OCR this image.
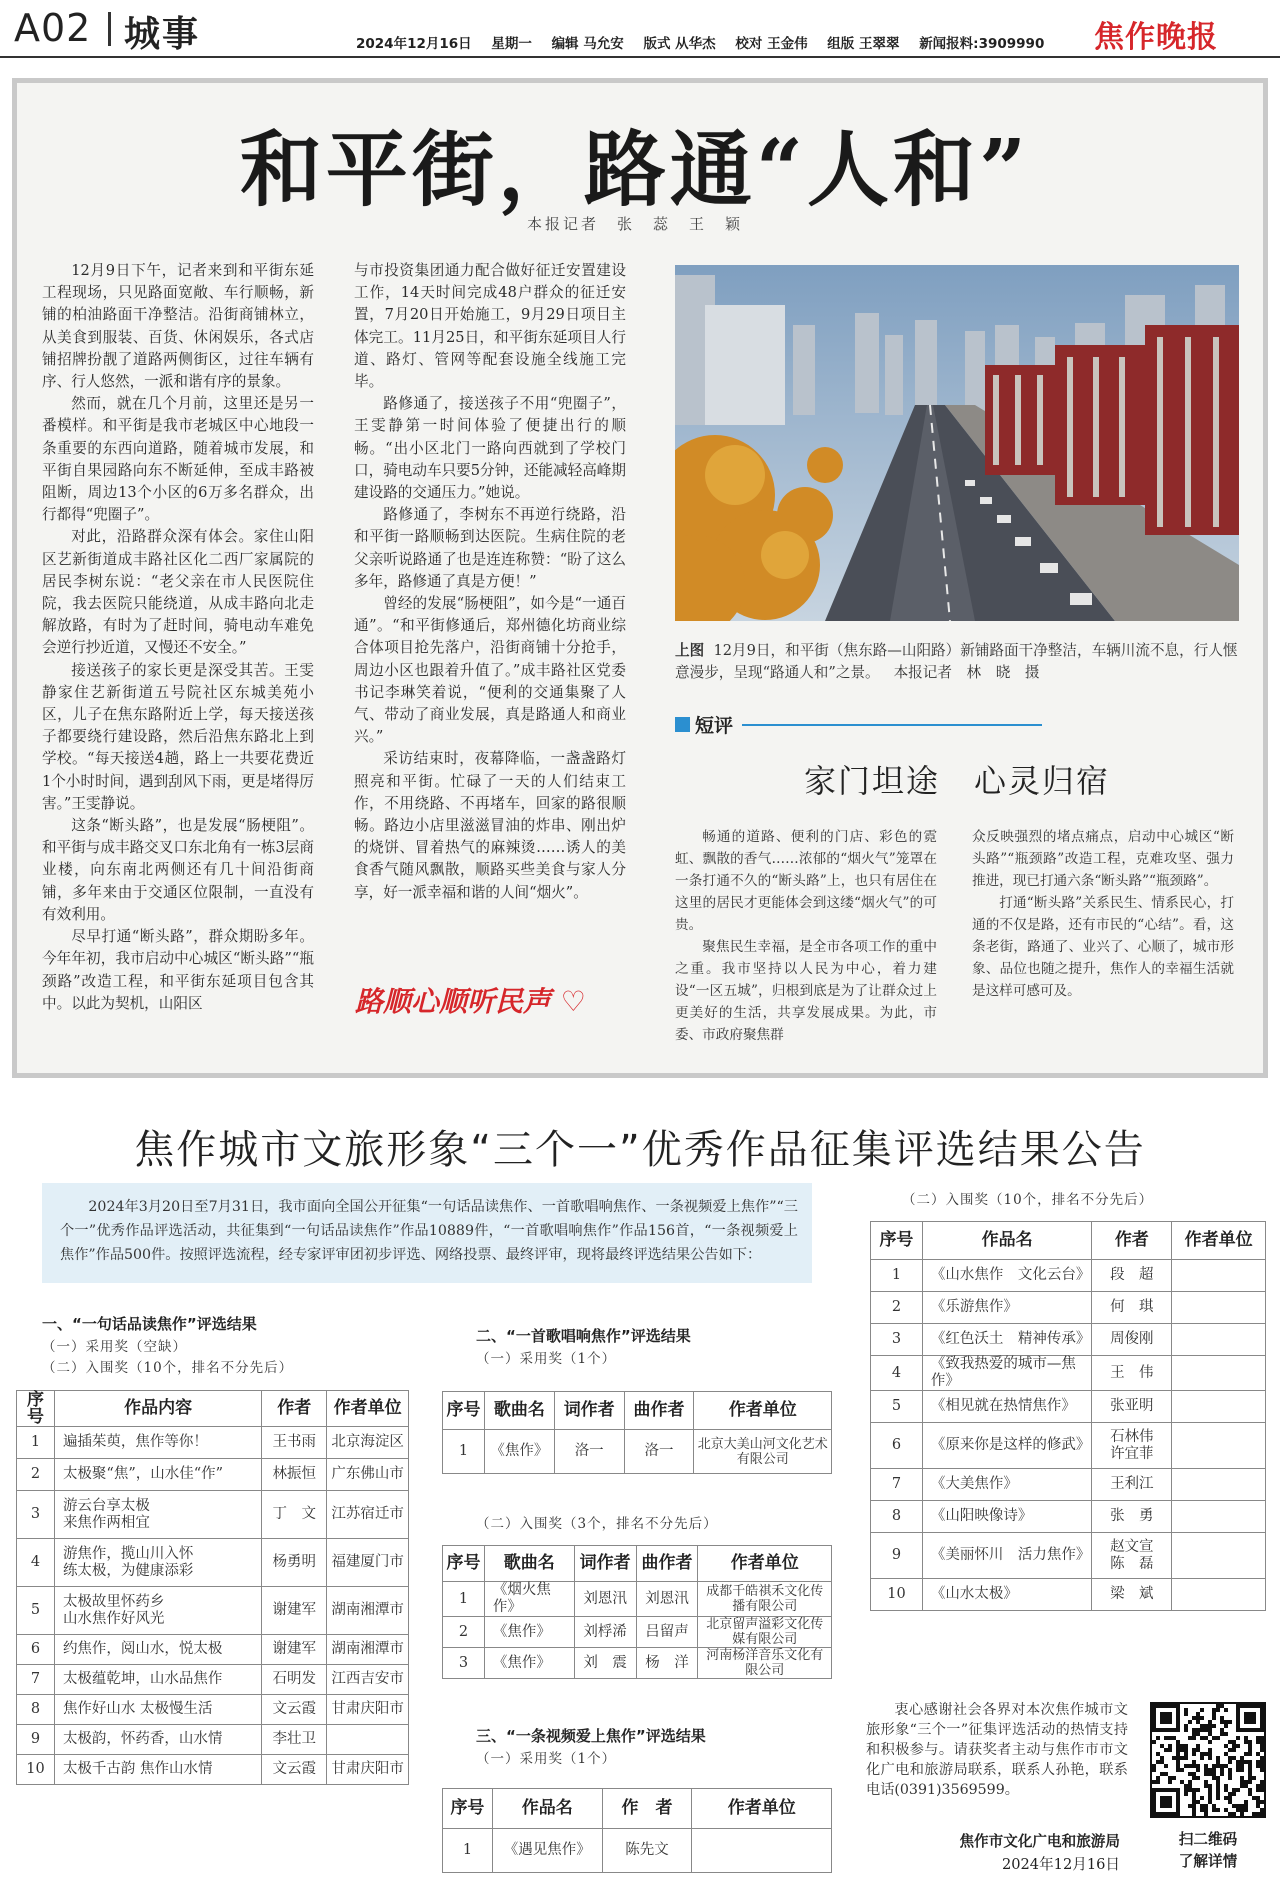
A02 城事	2024年12月16日 星期一 编辑 马允安 版式 从华杰 校对 王金伟 组版 王翠翠 新闻报料:3909990	焦作晚报
和平街，路通“人和”
本报记者　张　蕊　王　颖

12月9日下午，记者来到和平街东延工程现场，只见路面宽敞、车行顺畅，新铺的柏油路面干净整洁。沿街商铺林立，从美食到服装、百货、休闲娱乐，各式店铺招牌扮靓了道路两侧街区，过往车辆有序、行人悠然，一派和谐有序的景象。

然而，就在几个月前，这里还是另一番模样。和平街是我市老城区中心地段一条重要的东西向道路，随着城市发展，和平街自果园路向东不断延伸，至成丰路被阻断，周边13个小区的6万多名群众，出行都得“兜圈子”。

对此，沿路群众深有体会。家住山阳区艺新街道成丰路社区化二西厂家属院的居民李树东说：“老父亲在市人民医院住院，我去医院只能绕道，从成丰路向北走解放路，有时为了赶时间，骑电动车难免会逆行抄近道，又慢还不安全。”

接送孩子的家长更是深受其苦。王雯静家住艺新街道五号院社区东城美苑小区，儿子在焦东路附近上学，每天接送孩子都要绕行建设路，然后沿焦东路北上到学校。“每天接送4趟，路上一共要花费近1个小时时间，遇到刮风下雨，更是堵得厉害。”王雯静说。

这条“断头路”，也是发展“肠梗阻”。和平街与成丰路交叉口东北角有一栋3层商业楼，向东南北两侧还有几十间沿街商铺，多年来由于交通区位限制，一直没有有效利用。

尽早打通“断头路”，群众期盼多年。今年年初，我市启动中心城区“断头路”“瓶颈路”改造工程，和平街东延项目包含其中。以此为契机，山阳区

与市投资集团通力配合做好征迁安置建设工作，14天时间完成48户群众的征迁安置，7月20日开始施工，9月29日项目主体完工。11月25日，和平街东延项目人行道、路灯、管网等配套设施全线施工完毕。

路修通了，接送孩子不用“兜圈子”，王雯静第一时间体验了便捷出行的顺畅。“出小区北门一路向西就到了学校门口，骑电动车只要5分钟，还能减轻高峰期建设路的交通压力。”她说。

路修通了，李树东不再逆行绕路，沿和平街一路顺畅到达医院。生病住院的老父亲听说路通了也是连连称赞：“盼了这么多年，路修通了真是方便！”

曾经的发展“肠梗阻”，如今是“一通百通”。“和平街修通后，郑州德化坊商业综合体项目抢先落户，沿街商铺十分抢手，周边小区也跟着升值了。”成丰路社区党委书记李琳笑着说，“便利的交通集聚了人气、带动了商业发展，真是路通人和商业兴。”

采访结束时，夜幕降临，一盏盏路灯照亮和平街。忙碌了一天的人们结束工作，不用绕路、不再堵车，回家的路很顺畅。路边小店里滋滋冒油的炸串、刚出炉的烧饼、冒着热气的麻辣烫……诱人的美食香气随风飘散，顺路买些美食与家人分享，好一派幸福和谐的人间“烟火”。

路顺心顺听民声 ♡
上图 12月9日，和平街（焦东路—山阳路）新铺路面干净整洁，车辆川流不息，行人惬意漫步，呈现“路通人和”之景。 本报记者　林　晓　摄
短评
家门坦途　心灵归宿

畅通的道路、便利的门店、彩色的霓虹、飘散的香气……浓郁的“烟火气”笼罩在一条打通不久的“断头路”上，也只有居住在这里的居民才更能体会到这缕“烟火气”的可贵。

聚焦民生幸福，是全市各项工作的重中之重。我市坚持以人民为中心，着力建设“一区五城”，归根到底是为了让群众过上更美好的生活，共享发展成果。为此，市委、市政府聚焦群

众反映强烈的堵点痛点，启动中心城区“断头路”“瓶颈路”改造工程，克难攻坚、强力推进，现已打通六条“断头路”“瓶颈路”。

打通“断头路”关系民生、情系民心，打通的不仅是路，还有市民的“心结”。看，这条老街，路通了、业兴了、心顺了，城市形象、品位也随之提升，焦作人的幸福生活就是这样可感可及。

焦作城市文旅形象“三个一”优秀作品征集评选结果公告
2024年3月20日至7月31日，我市面向全国公开征集“一句话品读焦作、一首歌唱响焦作、一条视频爱上焦作”“三个一”优秀作品评选活动，共征集到“一句话品读焦作”作品10889件，“一首歌唱响焦作”作品156首，“一条视频爱上焦作”作品500件。按照评选流程，经专家评审团初步评选、网络投票、最终评审，现将最终评选结果公告如下：
一、“一句话品读焦作”评选结果
（一）采用奖（空缺）
（二）入围奖（10个，排名不分先后）
序号	作品内容	作者	作者单位
1	遍插茱萸，焦作等你！	王书雨	北京海淀区
2	太极聚“焦”，山水佳“作”	林振恒	广东佛山市
3	游云台享太极
来焦作两相宜	丁　文	江苏宿迁市
4	游焦作，揽山川入怀
练太极，为健康添彩	杨勇明	福建厦门市
5	太极故里怀药乡
山水焦作好风光	谢建军	湖南湘潭市
6	约焦作，阅山水，悦太极	谢建军	湖南湘潭市
7	太极蕴乾坤，山水品焦作	石明发	江西吉安市
8	焦作好山水 太极慢生活	文云霞	甘肃庆阳市
9	太极韵，怀药香，山水情	李壮卫	
10	太极千古韵 焦作山水情	文云霞	甘肃庆阳市
二、“一首歌唱响焦作”评选结果
（一）采用奖（1个）
序号	歌曲名	词作者	曲作者	作者单位
1	《焦作》	洛一	洛一	北京大美山河文化艺术有限公司
（二）入围奖（3个，排名不分先后）
序号	歌曲名	词作者	曲作者	作者单位
1	《烟火焦作》	刘恩汛	刘恩汛	成都千皓祺禾文化传播有限公司
2	《焦作》	刘桴浠	吕留声	北京留声溢彩文化传媒有限公司
3	《焦作》	刘　震	杨　洋	河南杨洋音乐文化有限公司
三、“一条视频爱上焦作”评选结果
（一）采用奖（1个）
序号	作品名	作　者	作者单位
1	《遇见焦作》	陈先文	
（二）入围奖（10个，排名不分先后）
序号	作品名	作者	作者单位
1	《山水焦作　文化云台》	段　超	
2	《乐游焦作》	何　琪	
3	《红色沃土　精神传承》	周俊刚	
4	《致我热爱的城市—焦作》	王　伟	
5	《相见就在热情焦作》	张亚明	
6	《原来你是这样的修武》	石林伟
许宜菲	
7	《大美焦作》	王利江	
8	《山阳映像诗》	张　勇	
9	《美丽怀川　活力焦作》	赵文宣
陈　磊	
10	《山水太极》	梁　斌	
衷心感谢社会各界对本次焦作城市文旅形象“三个一”征集评选活动的热情支持和积极参与。请获奖者主动与焦作市市文化广电和旅游局联系，联系人孙艳，联系电话(0391)3569599。
焦作市文化广电和旅游局
2024年12月16日
扫二维码
了解详情
